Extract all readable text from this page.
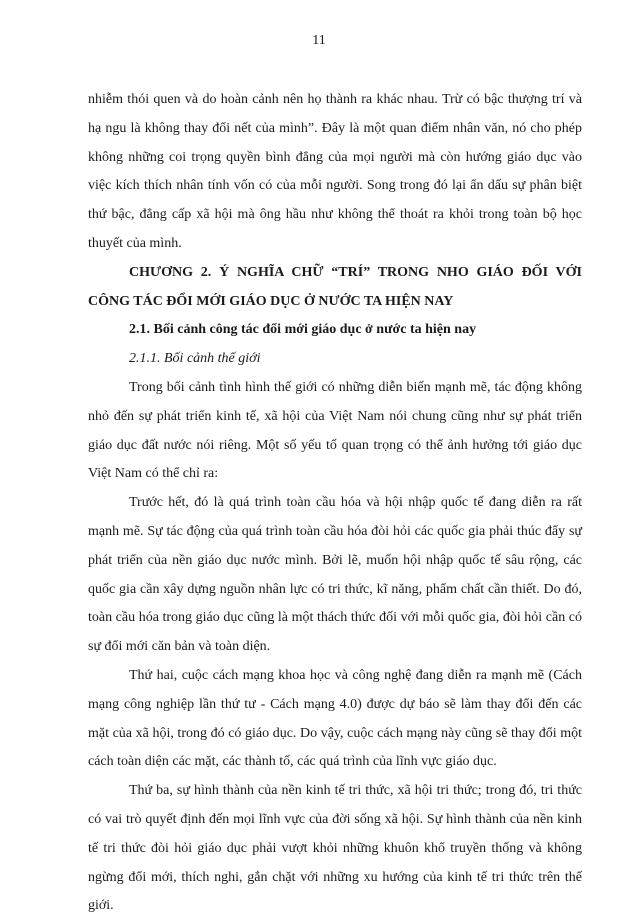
11

nhiễm thói quen và do hoàn cảnh nên họ thành ra khác nhau. Trừ có bậc thượng trí và hạ ngu là không thay đổi nết của mình”. Đây là một quan điểm nhân văn, nó cho phép không những coi trọng quyền bình đẳng của mọi người mà còn hướng giáo dục vào việc kích thích nhân tính vốn có của mỗi người. Song trong đó lại ẩn dấu sự phân biệt thứ bậc, đẳng cấp xã hội mà ông hầu như không thể thoát ra khỏi trong toàn bộ học thuyết của mình.

CHƯƠNG 2. Ý NGHĨA CHỮ “TRÍ” TRONG NHO GIÁO ĐỐI VỚI CÔNG TÁC ĐỔI MỚI GIÁO DỤC Ở NƯỚC TA HIỆN NAY

2.1. Bối cảnh công tác đổi mới giáo dục ở nước ta hiện nay

2.1.1. Bối cảnh thế giới

Trong bối cảnh tình hình thế giới có những diễn biến mạnh mẽ, tác động không nhỏ đến sự phát triển kinh tế, xã hội của Việt Nam nói chung cũng như sự phát triển giáo dục đất nước nói riêng. Một số yếu tố quan trọng có thể ảnh hưởng tới giáo dục Việt Nam có thể chỉ ra:

Trước hết, đó là quá trình toàn cầu hóa và hội nhập quốc tế đang diễn ra rất mạnh mẽ. Sự tác động của quá trình toàn cầu hóa đòi hỏi các quốc gia phải thúc đẩy sự phát triển của nền giáo dục nước mình. Bởi lẽ, muốn hội nhập quốc tế sâu rộng, các quốc gia cần xây dựng nguồn nhân lực có tri thức, kĩ năng, phẩm chất cần thiết. Do đó, toàn cầu hóa trong giáo dục cũng là một thách thức đối với mỗi quốc gia, đòi hỏi cần có sự đổi mới căn bản và toàn diện.

Thứ hai, cuộc cách mạng khoa học và công nghệ đang diễn ra mạnh mẽ (Cách mạng công nghiệp lần thứ tư - Cách mạng 4.0) được dự báo sẽ làm thay đổi đến các mặt của xã hội, trong đó có giáo dục. Do vậy, cuộc cách mạng này cũng sẽ thay đổi một cách toàn diện các mặt, các thành tố, các quá trình của lĩnh vực giáo dục.

Thứ ba, sự hình thành của nền kinh tế tri thức, xã hội tri thức; trong đó, tri thức có vai trò quyết định đến mọi lĩnh vực của đời sống xã hội. Sự hình thành của nền kinh tế tri thức đòi hỏi giáo dục phải vượt khỏi những khuôn khổ truyền thống và không ngừng đổi mới, thích nghi, gắn chặt với những xu hướng của kinh tế tri thức trên thế giới.
